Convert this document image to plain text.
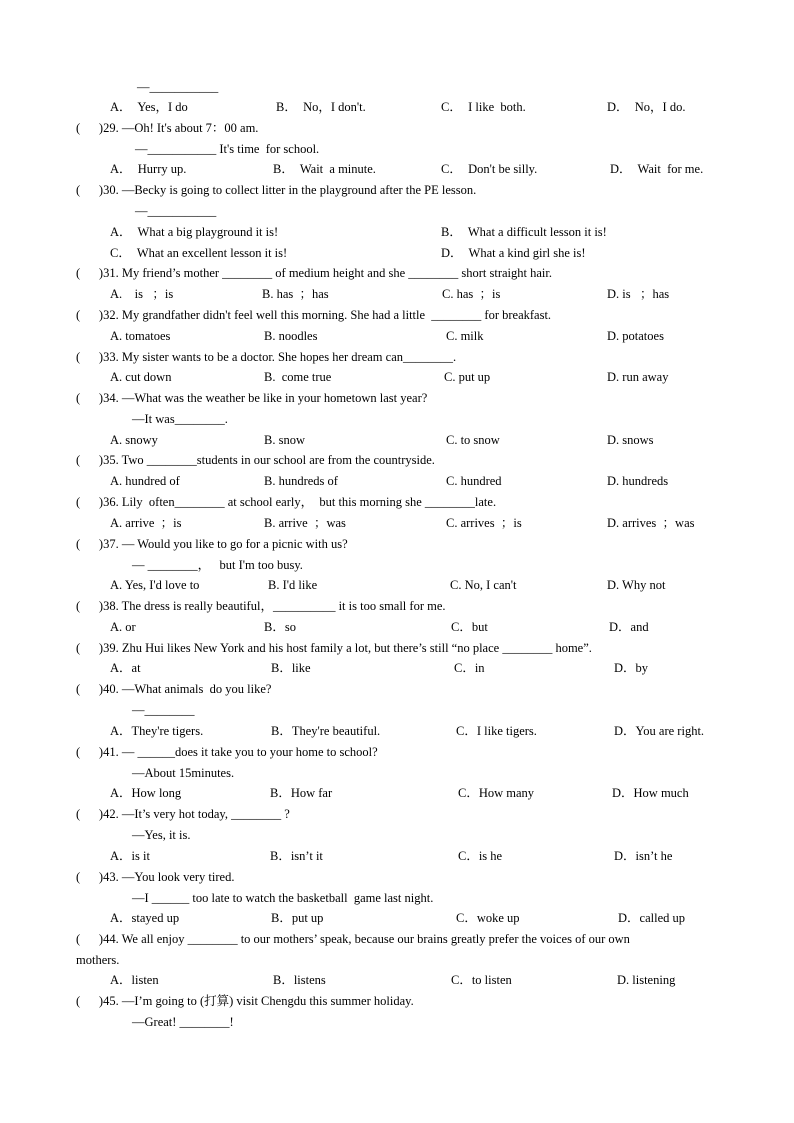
—___________
(      )29. —Oh! It's about 7：00 am.
—___________ It's time  for school.
(      )30. —Becky is going to collect litter in the playground after the PE lesson.
—___________
(      )31. My friend’s mother ________ of medium height and she ________ short straight hair.
(      )32. My grandfather didn't feel well this morning. She had a little  ________ for breakfast.
(      )33. My sister wants to be a doctor. She hopes her dream can________.
(      )34. —What was the weather be like in your hometown last year?
—It was________.
(      )35. Two ________students in our school are from the countryside.
(      )36. Lily  often________ at school early，  but this morning she ________late.
(      )37. — Would you like to go for a picnic with us?
— ________，   but I'm too busy.
(      )38. The dress is really beautiful，__________ it is too small for me.
(      )39. Zhu Hui likes New York and his host family a lot, but there’s still “no place ________ home”.
(      )40. —What animals  do you like?
—________
(      )41. — ______does it take you to your home to school?
—About 15minutes.
(      )42. —It’s very hot today, ________ ?
—Yes, it is.
(      )43. —You look very tired.
—I ______ too late to watch the basketball  game last night.
(      )44. We all enjoy ________ to our mothers’ speak, because our brains greatly prefer the voices of our own
mothers.
(      )45. —I’m going to (打算) visit Chengdu this summer holiday.
—Great! ________!
A．  Yes，I do	B．  No，I don't.	C．  I like  both.	D．  No，I do.
A．  Hurry up.	B．  Wait  a minute.	C．  Don't be silly.	D．  Wait  for me.
A．  What a big playground it is!	B．  What a difficult lesson it is!
C．  What an excellent lesson it is!	D．  What a kind girl she is!
A.    is   ；is	B. has  ；has	C. has  ；is	D. is   ；has
A. tomatoes	B. noodles	C. milk	D. potatoes
A. cut down	B.  come true	C. put up	D. run away
A. snowy	B. snow	C. to snow	D. snows
A. hundred of	B. hundreds of	C. hundred	D. hundreds
A. arrive  ；is	B. arrive  ；was	C. arrives  ；is	D. arrives  ；was
A. Yes, I'd love to	B. I'd like	C. No, I can't	D. Why not
A. or	B．so	C．but	D．and
A．at	B．like	C．in	D．by
A．They're tigers.	B．They're beautiful.	C．I like tigers.	D．You are right.
A．How long	B．How far	C．How many	D．How much
A．is it	B．isn’t it	C．is he	D．isn’t he
A．stayed up	B．put up	C．woke up	D．called up
A．listen	B．listens	C．to listen	D. listening
